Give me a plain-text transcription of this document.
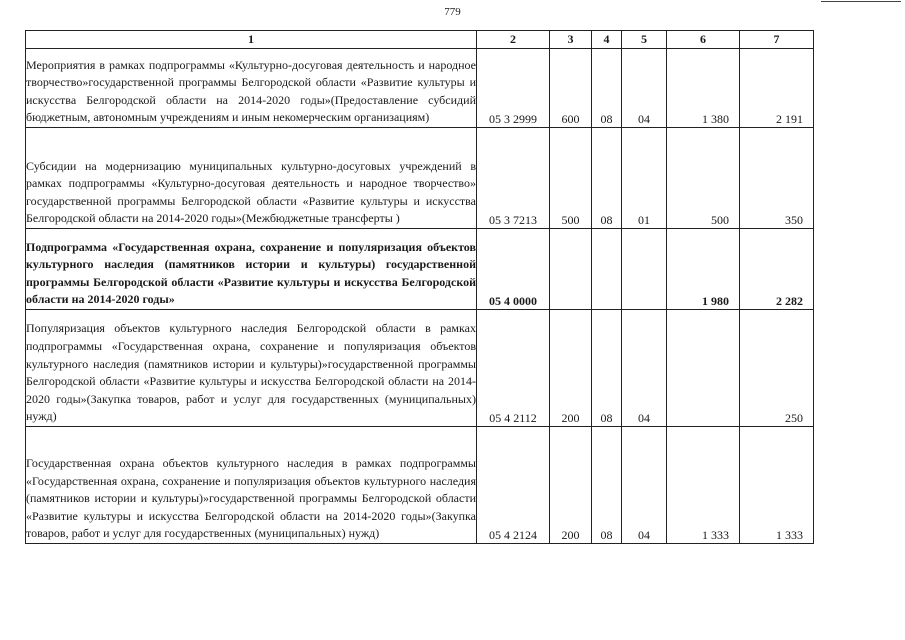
779
1	2	3	4	5	6	7
Мероприятия в рамках подпрограммы «Культурно-досуговая деятельность и народное творчество»государственной программы Белгородской области «Развитие культуры и искусства Белгородской области на 2014-2020 годы»(Предоставление субсидий бюджетным, автономным учреждениям и иным некомерческим организациям)	05 3 2999	600	08	04	1 380	2 191
Субсидии на модернизацию муниципальных культурно-досуговых учреждений в рамках подпрограммы «Культурно-досуговая деятельность и народное творчество» государственной программы Белгородской области «Развитие культуры и искусства Белгородской области на 2014-2020 годы»(Межбюджетные трансферты )	05 3 7213	500	08	01	500	350
Подпрограмма «Государственная охрана, сохранение и популяризация объектов культурного наследия (памятников истории и культуры) государственной программы Белгородской области «Развитие культуры и искусства Белгородской области на 2014-2020 годы»	05 4 0000				1 980	2 282
Популяризация объектов культурного наследия Белгородской области в рамках подпрограммы «Государственная охрана, сохранение и популяризация объектов культурного наследия (памятников истории и культуры)»государственной программы Белгородской области «Развитие культуры и искусства Белгородской области на 2014-2020 годы»(Закупка товаров, работ и услуг для государственных (муниципальных) нужд)	05 4 2112	200	08	04		250
Государственная охрана объектов культурного наследия в рамках подпрограммы «Государственная охрана, сохранение и популяризация объектов культурного наследия (памятников истории и культуры)»государственной программы Белгородской области «Развитие культуры и искусства Белгородской области на 2014-2020 годы»(Закупка товаров, работ и услуг для государственных (муниципальных) нужд)	05 4 2124	200	08	04	1 333	1 333
